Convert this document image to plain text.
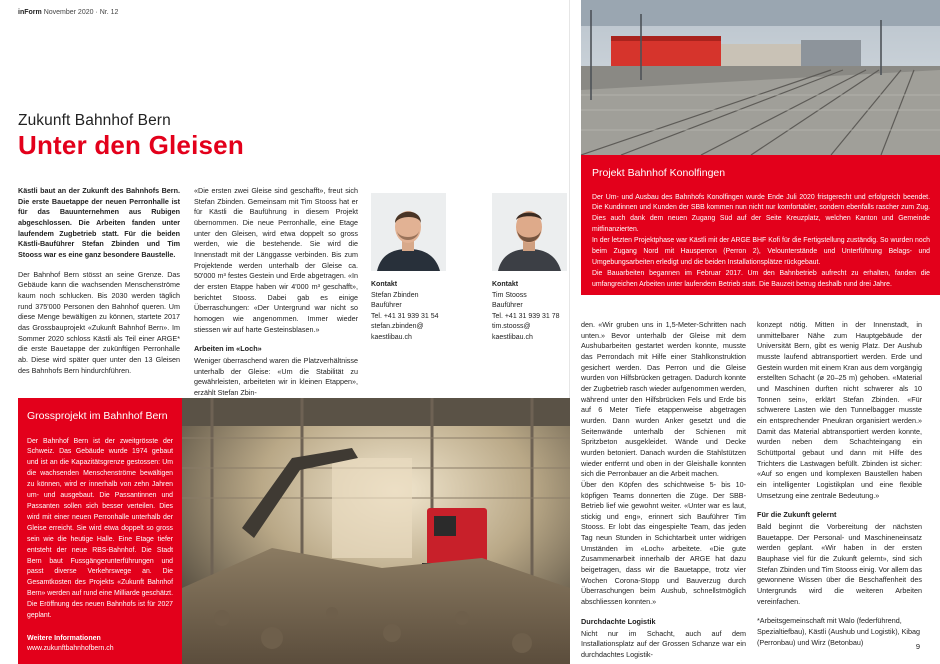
inForm November 2020 · Nr. 12
Zukunft Bahnhof Bern
Unter den Gleisen

Kästli baut an der Zukunft des Bahnhofs Bern. Die erste Bauetappe der neuen Perronhalle ist für das Bauunternehmen aus Rubigen abgeschlossen. Die Arbeiten fanden unter laufendem Zugbetrieb statt. Für die beiden Kästli-Bauführer Stefan Zbinden und Tim Stooss war es eine ganz besondere Baustelle.

Der Bahnhof Bern stösst an seine Grenze. Das Gebäude kann die wachsenden Menschenströme kaum noch schlucken. Bis 2030 werden täglich rund 375'000 Personen den Bahnhof queren. Um diese Menge bewältigen zu können, startete 2017 das Grossbauprojekt «Zukunft Bahnhof Bern». Im Sommer 2020 schloss Kästli als Teil einer ARGE* die erste Bauetappe der zukünftigen Perronhalle ab. Diese wird später quer unter den 13 Gleisen des Bahnhofs Bern hindurchführen.

«Die ersten zwei Gleise sind geschafft», freut sich Stefan Zbinden. Gemeinsam mit Tim Stooss hat er für Kästli die Bauführung in diesem Projekt übernommen. Die neue Perronhalle, eine Etage unter den Gleisen, wird etwa doppelt so gross werden, wie die bestehende. Sie wird die Innenstadt mit der Länggasse verbinden. Bis zum Projektende werden unterhalb der Gleise ca. 50'000 m³ festes Gestein und Erde abgetragen. «In der ersten Etappe haben wir 4'000 m³ geschafft», berichtet Stooss. Dabei gab es einige Überraschungen: «Der Untergrund war nicht so homogen wie angenommen. Immer wieder stiessen wir auf harte Gesteinsblasen.»

Arbeiten im «Loch»

Weniger überraschend waren die Platzverhältnisse unterhalb der Gleise: «Um die Stabilität zu gewährleisten, arbeiteten wir in kleinen Etappen», erzählt Stefan Zbin-

Kontakt
Stefan Zbinden
Bauführer
Tel. +41 31 939 31 54
stefan.zbinden@
kaestlibau.ch
Kontakt
Tim Stooss
Bauführer
Tel. +41 31 939 31 78
tim.stooss@
kaestlibau.ch
Projekt Bahnhof Konolfingen
Der Um- und Ausbau des Bahnhofs Konolfingen wurde Ende Juli 2020 fristgerecht und erfolgreich beendet. Die Kundinnen und Kunden der SBB kommen nun nicht nur komfortabler, sondern ebenfalls rascher zum Zug. Dies auch dank dem neuen Zugang Süd auf der Seite Kreuzplatz, welchen Kanton und Gemeinde mitfinanzierten.
In der letzten Projektphase war Kästli mit der ARGE BHF Kofi für die Fertigstellung zuständig. So wurden noch beim Zugang Nord mit Hausperron (Perron 2), Velounterstände und Unterführung Belags- und Umgebungsarbeiten erledigt und die beiden Installationsplätze rückgebaut.
Die Bauarbeiten begannen im Februar 2017. Um den Bahnbetrieb aufrecht zu erhalten, fanden die umfangreichen Arbeiten unter laufendem Betrieb statt. Die Bauzeit betrug deshalb rund drei Jahre.

den. «Wir gruben uns in 1,5-Meter-Schritten nach unten.» Bevor unterhalb der Gleise mit dem Aushubarbeiten gestartet werden konnte, musste das Perrondach mit Hilfe einer Stahlkonstruktion gesichert werden. Das Perron und die Gleise wurden von Hilfsbrücken getragen. Dadurch konnte der Zugbetrieb rasch wieder aufgenommen werden, während unter den Hilfsbrücken Fels und Erde bis auf 6 Meter Tiefe etappenweise abgetragen wurden. Dann wurden Anker gesetzt und die Seitenwände unterhalb der Schienen mit Spritzbeton ausgekleidet. Wände und Decke wurden betoniert. Danach wurden die Stahlstützen wieder entfernt und oben in der Gleishalle konnten sich die Perronbauer an die Arbeit machen.

Über den Köpfen des schichtweise 5- bis 10-köpfigen Teams donnerten die Züge. Der SBB-Betrieb lief wie gewohnt weiter. «Unter war es laut, stickig und eng», erinnert sich Bauführer Tim Stooss. Er lobt das eingespielte Team, das jeden Tag neun Stunden in Schichtarbeit unter widrigen Umständen im «Loch» arbeitete. «Die gute Zusammenarbeit innerhalb der ARGE hat dazu beigetragen, dass wir die Bauetappe, trotz vier Wochen Corona-Stopp und Bauverzug durch Überraschungen beim Aushub, schnellstmöglich abschliessen konnten.»

Durchdachte Logistik

Nicht nur im Schacht, auch auf dem Installationsplatz auf der Grossen Schanze war ein durchdachtes Logistik-

konzept nötig. Mitten in der Innenstadt, in unmittelbarer Nähe zum Hauptgebäude der Universität Bern, gibt es wenig Platz. Der Aushub musste laufend abtransportiert werden. Erde und Gestein wurden mit einem Kran aus dem vorgängig erstellten Schacht (ø 20–25 m) gehoben. «Material und Maschinen durften nicht schwerer als 10 Tonnen sein», erklärt Stefan Zbinden. «Für schwerere Lasten wie den Tunnelbagger musste ein entsprechender Pneukran organisiert werden.» Damit das Material abtransportiert werden konnte, wurden neben dem Schachteingang ein Schüttportal gebaut und dann mit Hilfe des Trichters die Lastwagen befüllt. Zbinden ist sicher: «Auf so engen und komplexen Baustellen haben ein intelligenter Logistikplan und eine flexible Umsetzung eine zentrale Bedeutung.»

Für die Zukunft gelernt

Bald beginnt die Vorbereitung der nächsten Bauetappe. Der Personal- und Maschineneinsatz werden geplant. «Wir haben in der ersten Bauphase viel für die Zukunft gelernt», sind sich Stefan Zbinden und Tim Stooss einig. Vor allem das gewonnene Wissen über die Beschaffenheit des Untergrunds wird die weiteren Arbeiten vereinfachen.

*Arbeitsgemeinschaft mit Walo (federführend, Spezialtiefbau), Kästli (Aushub und Logistik), Kibag (Perronbau) und Wirz (Betonbau)

Grossprojekt im Bahnhof Bern
Der Bahnhof Bern ist der zweitgrösste der Schweiz. Das Gebäude wurde 1974 gebaut und ist an die Kapazitätsgrenze gestossen: Um die wachsenden Menschenströme bewältigen zu können, wird er innerhalb von zehn Jahren um- und ausgebaut. Die Passantinnen und Passanten sollen sich besser verteilen. Dies wird mit einer neuen Perronhalle unterhalb der Gleise erreicht. Sie wird etwa doppelt so gross sein wie die heutige Halle. Eine Etage tiefer entsteht der neue RBS-Bahnhof. Die Stadt Bern baut Fussgängerunterführungen und passt diverse Verkehrswege an. Die Gesamtkosten des Projekts «Zukunft Bahnhof Bern» werden auf rund eine Milliarde geschätzt. Die Eröffnung des neuen Bahnhofs ist für 2027 geplant.
Weitere Informationen
www.zukunftbahnhofbern.ch	9
